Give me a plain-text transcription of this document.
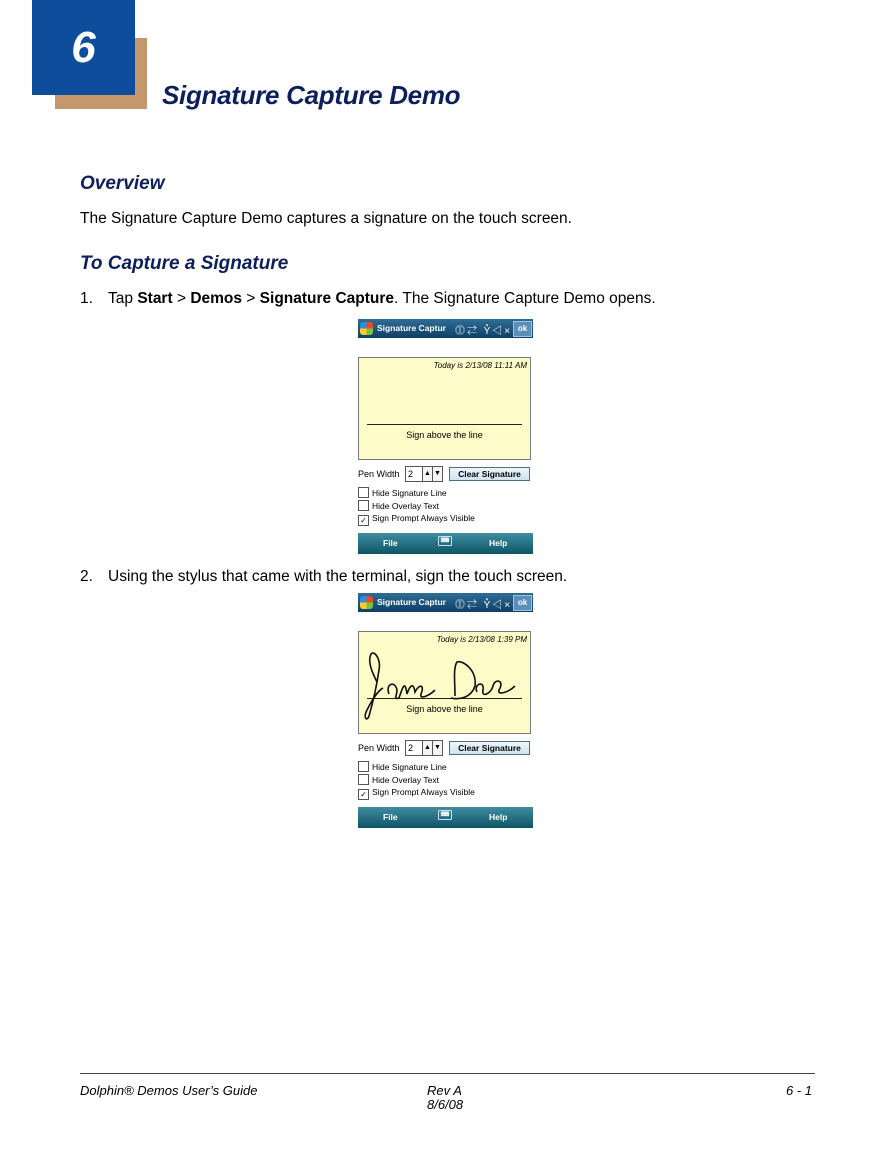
6
Signature Capture Demo
Overview
The Signature Capture Demo captures a signature on the touch screen.
To Capture a Signature
1. Tap Start > Demos > Signature Capture. The Signature Capture Demo opens.
Signature Captur ⓵⇄ Y̽◁× ok
Today is 2/13/08 11:11 AM
Sign above the line
Pen Width 2	▲ ▼	Clear Signature
Hide Signature Line
Hide Overlay Text
✓ Sign Prompt Always Visible
File	⌨	Help
2. Using the stylus that came with the terminal, sign the touch screen.
Signature Captur ⓵⇄ Y̽◁× ok
Today is 2/13/08 1:39 PM
Sign above the line
Pen Width 2	▲ ▼	Clear Signature
Hide Signature Line
Hide Overlay Text
✓ Sign Prompt Always Visible
File	⌨	Help
Dolphin® Demos User’s Guide	Rev A
8/6/08
6 - 1
